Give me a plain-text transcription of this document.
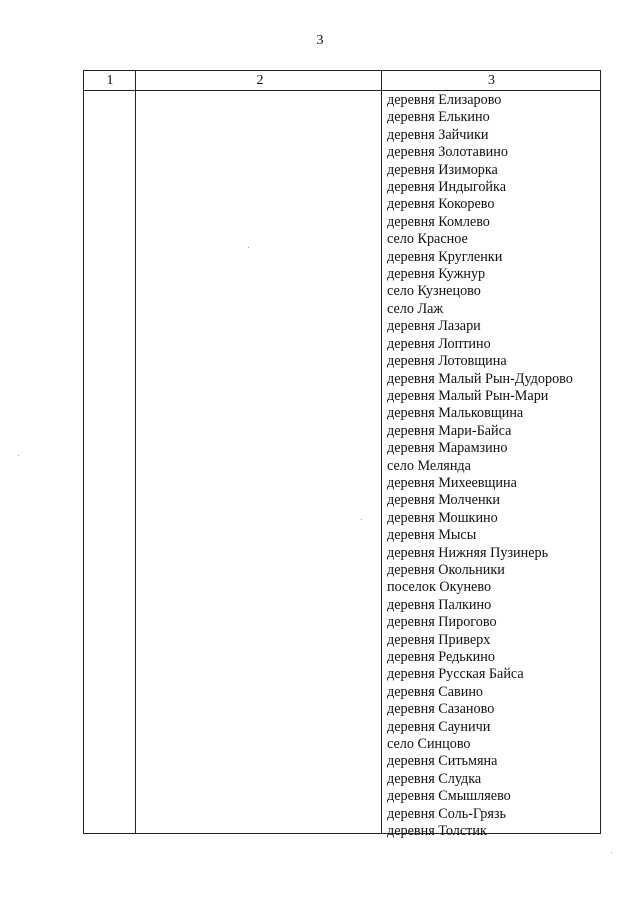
3
1	2	3
деревня Елизарово
деревня Елькино
деревня Зайчики
деревня Золотавино
деревня Изиморка
деревня Индыгойка
деревня Кокорево
деревня Комлево
село Красное
деревня Кругленки
деревня Кужнур
село Кузнецово
село Лаж
деревня Лазари
деревня Лоптино
деревня Лотовщина
деревня Малый Рын-Дудорово
деревня Малый Рын-Мари
деревня Мальковщина
деревня Мари-Байса
деревня Марамзино
село Мелянда
деревня Михеевщина
деревня Молченки
деревня Мошкино
деревня Мысы
деревня Нижняя Пузинерь
деревня Окольники
поселок Окунево
деревня Палкино
деревня Пирогово
деревня Приверх
деревня Редькино
деревня Русская Байса
деревня Савино
деревня Сазаново
деревня Сауничи
село Синцово
деревня Ситьмяна
деревня Слудка
деревня Смышляево
деревня Соль-Грязь
деревня Толстик
